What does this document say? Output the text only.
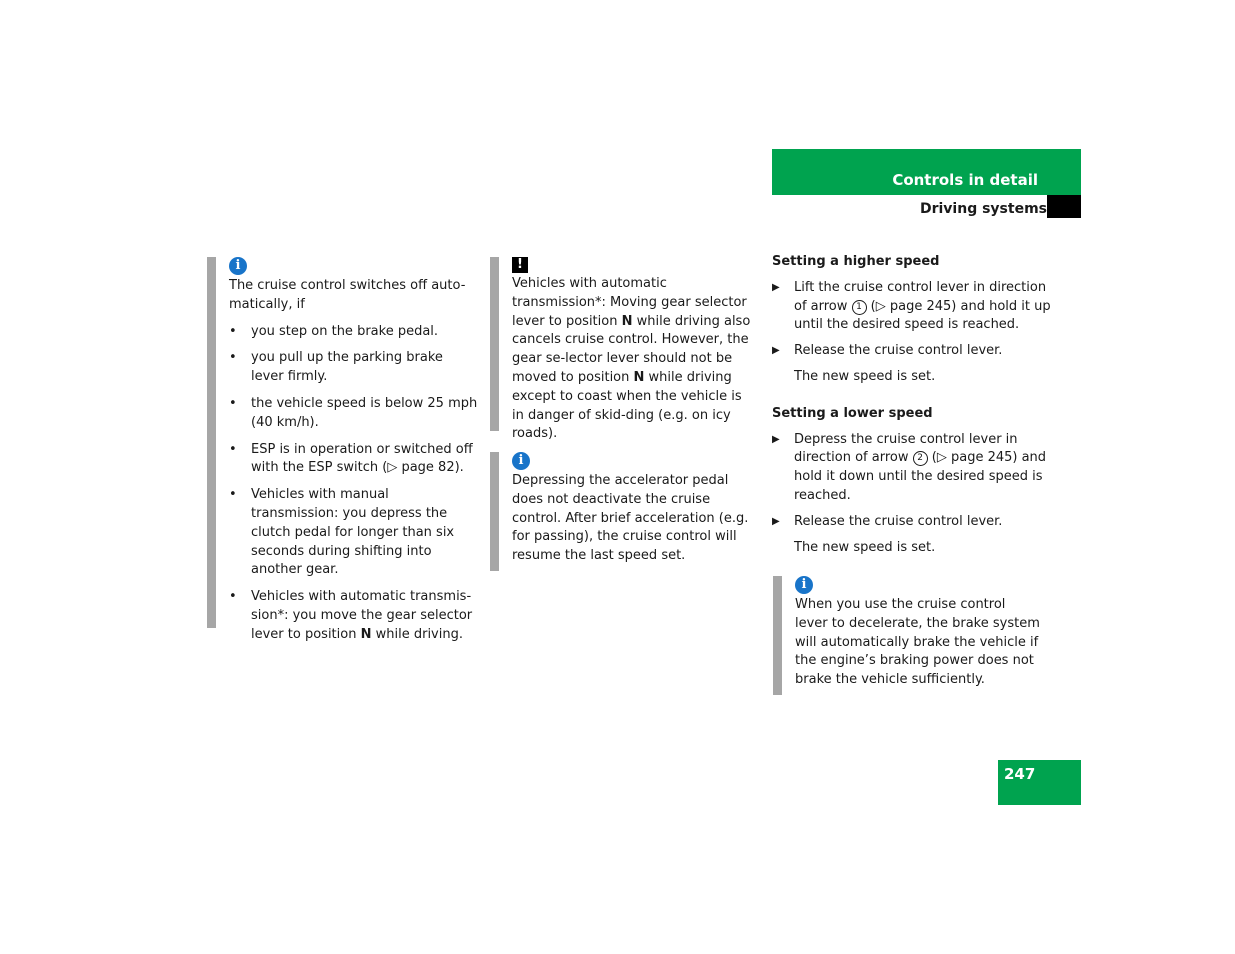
Controls in detail
Driving systems
i

The cruise control switches off auto-matically, if

• you step on the brake pedal.
• you pull up the parking brake lever firmly.
• the vehicle speed is below 25 mph (40 km/h).
• ESP is in operation or switched off with the ESP switch (▷ page 82).
• Vehicles with manual transmission: you depress the clutch pedal for longer than six seconds during shifting into another gear.
• Vehicles with automatic transmis-sion*: you move the gear selector lever to position N while driving.
!

Vehicles with automatic transmission*: Moving gear selector lever to position N while driving also cancels cruise control. However, the gear se-lector lever should not be moved to position N while driving except to coast when the vehicle is in danger of skid-ding (e.g. on icy roads).

i

Depressing the accelerator pedal does not deactivate the cruise control. After brief acceleration (e.g. for passing), the cruise control will resume the last speed set.

Setting a higher speed

▶ Lift the cruise control lever in direction of arrow 1 (▷ page 245) and hold it up until the desired speed is reached.

▶ Release the cruise control lever.

The new speed is set.

Setting a lower speed

▶ Depress the cruise control lever in direction of arrow 2 (▷ page 245) and hold it down until the desired speed is reached.

▶ Release the cruise control lever.

The new speed is set.

i

When you use the cruise control lever to decelerate, the brake system will automatically brake the vehicle if the engine’s braking power does not brake the vehicle sufficiently.

247
